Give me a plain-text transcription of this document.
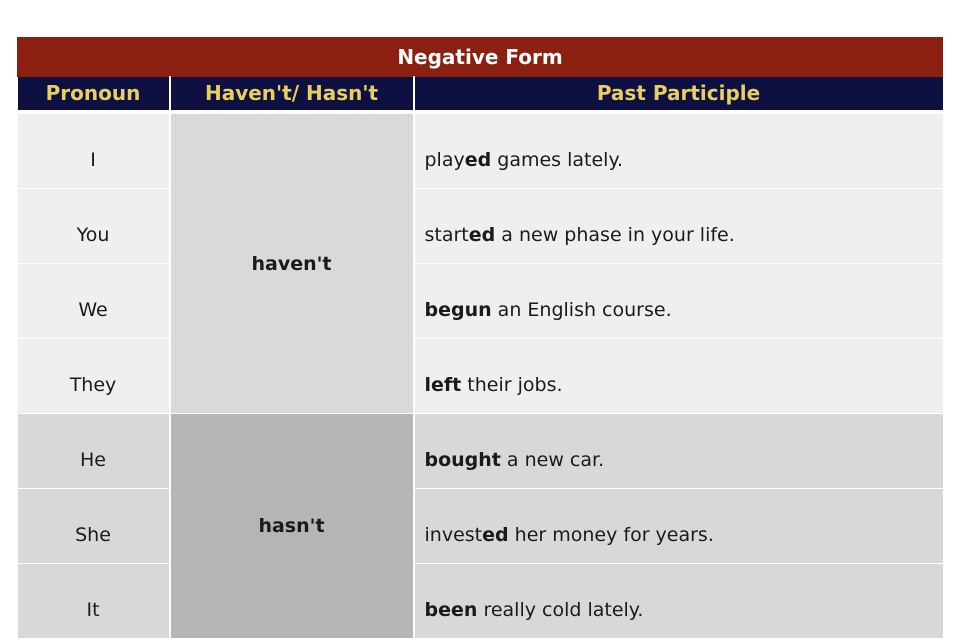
Negative Form		
Pronoun	Haven't/ Hasn't	Past Participle

I	haven't	played games lately.
You		started a new phase in your life.
We		begun an English course.
They		left their jobs.
He	hasn't	bought a new car.
She		invested her money for years.
It		been really cold lately.
